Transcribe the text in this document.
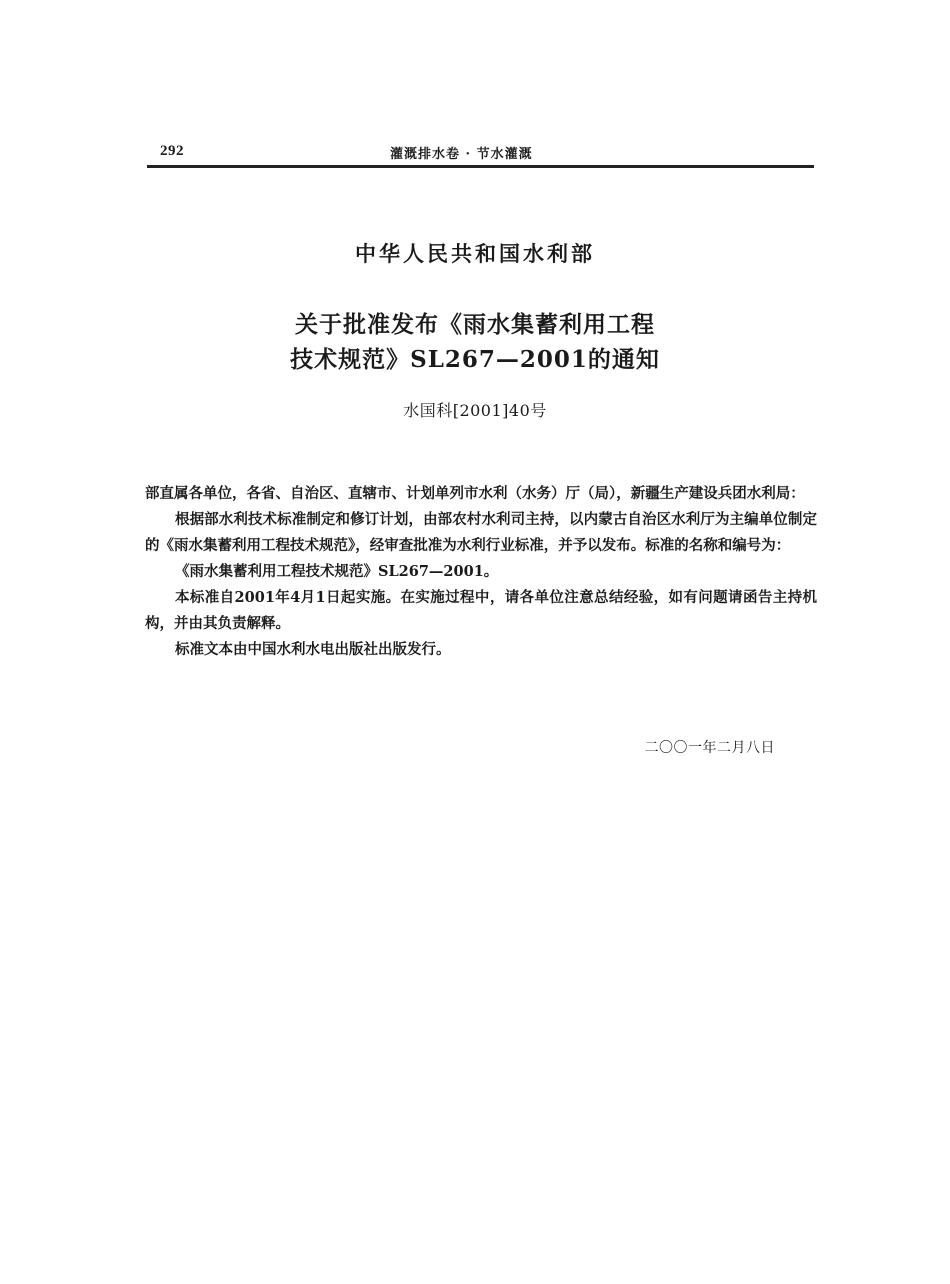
292	灌溉排水卷 · 节水灌溉
中华人民共和国水利部
关于批准发布《雨水集蓄利用工程
技术规范》SL267—2001的通知
水国科[2001]40号

部直属各单位，各省、自治区、直辖市、计划单列市水利（水务）厅（局），新疆生产建设兵团水利局：

根据部水利技术标准制定和修订计划，由部农村水利司主持，以内蒙古自治区水利厅为主编单位制定的《雨水集蓄利用工程技术规范》，经审查批准为水利行业标准，并予以发布。标准的名称和编号为：

《雨水集蓄利用工程技术规范》SL267—2001。

本标准自2001年4月1日起实施。在实施过程中，请各单位注意总结经验，如有问题请函告主持机构，并由其负责解释。

标准文本由中国水利水电出版社出版发行。

二〇〇一年二月八日
